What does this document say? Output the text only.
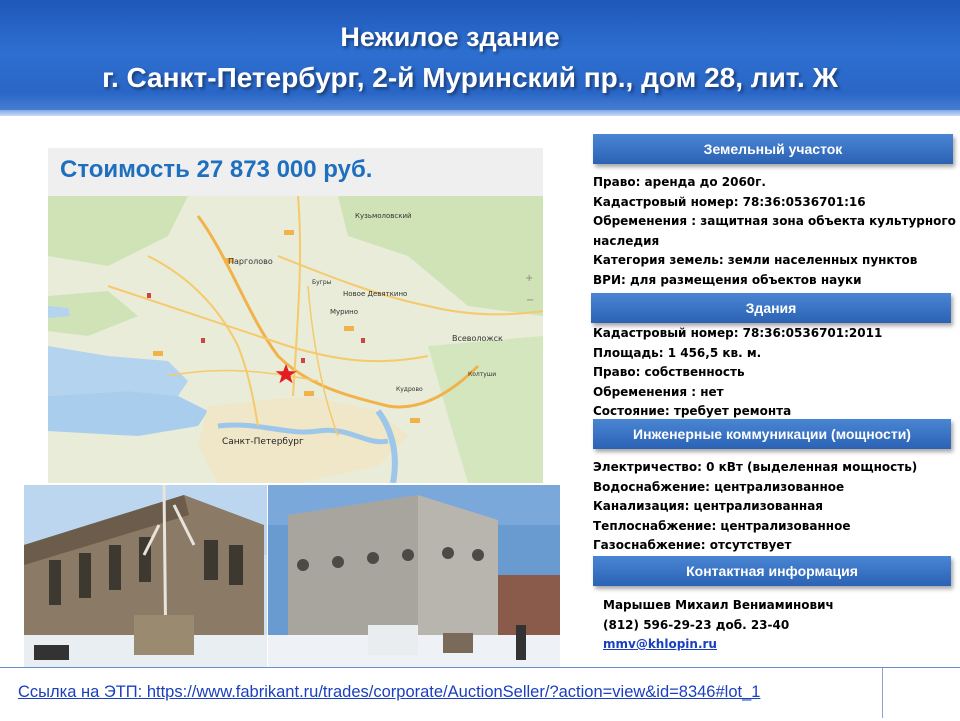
Нежилое здание
г. Санкт-Петербург, 2-й Муринский пр., дом 28, лит. Ж
Стоимость 27 873 000 руб.
Кузьмоловский
Парголово
Новое Девяткино
Мурино
Всеволожск
Санкт-Петербург
Бугры
Кудрово
Колтуши
+
−
Земельный участок
Право: аренда до 2060г.
Кадастровый номер: 78:36:0536701:16
Обременения : защитная зона объекта культурного наследия
Категория земель: земли населенных пунктов
ВРИ: для размещения объектов науки
Здания
Кадастровый номер: 78:36:0536701:2011
Площадь: 1 456,5 кв. м.
Право: собственность
Обременения : нет
Состояние: требует ремонта
Инженерные коммуникации (мощности)
Электричество: 0 кВт (выделенная мощность)
Водоснабжение: централизованное
Канализация: централизованная
Теплоснабжение: централизованное
Газоснабжение: отсутствует
Контактная информация
Марышев Михаил Вениаминович
(812) 596-29-23 доб. 23-40
mmv@khlopin.ru
Ссылка на ЭТП: https://www.fabrikant.ru/trades/corporate/AuctionSeller/?action=view&id=8346#lot_1
